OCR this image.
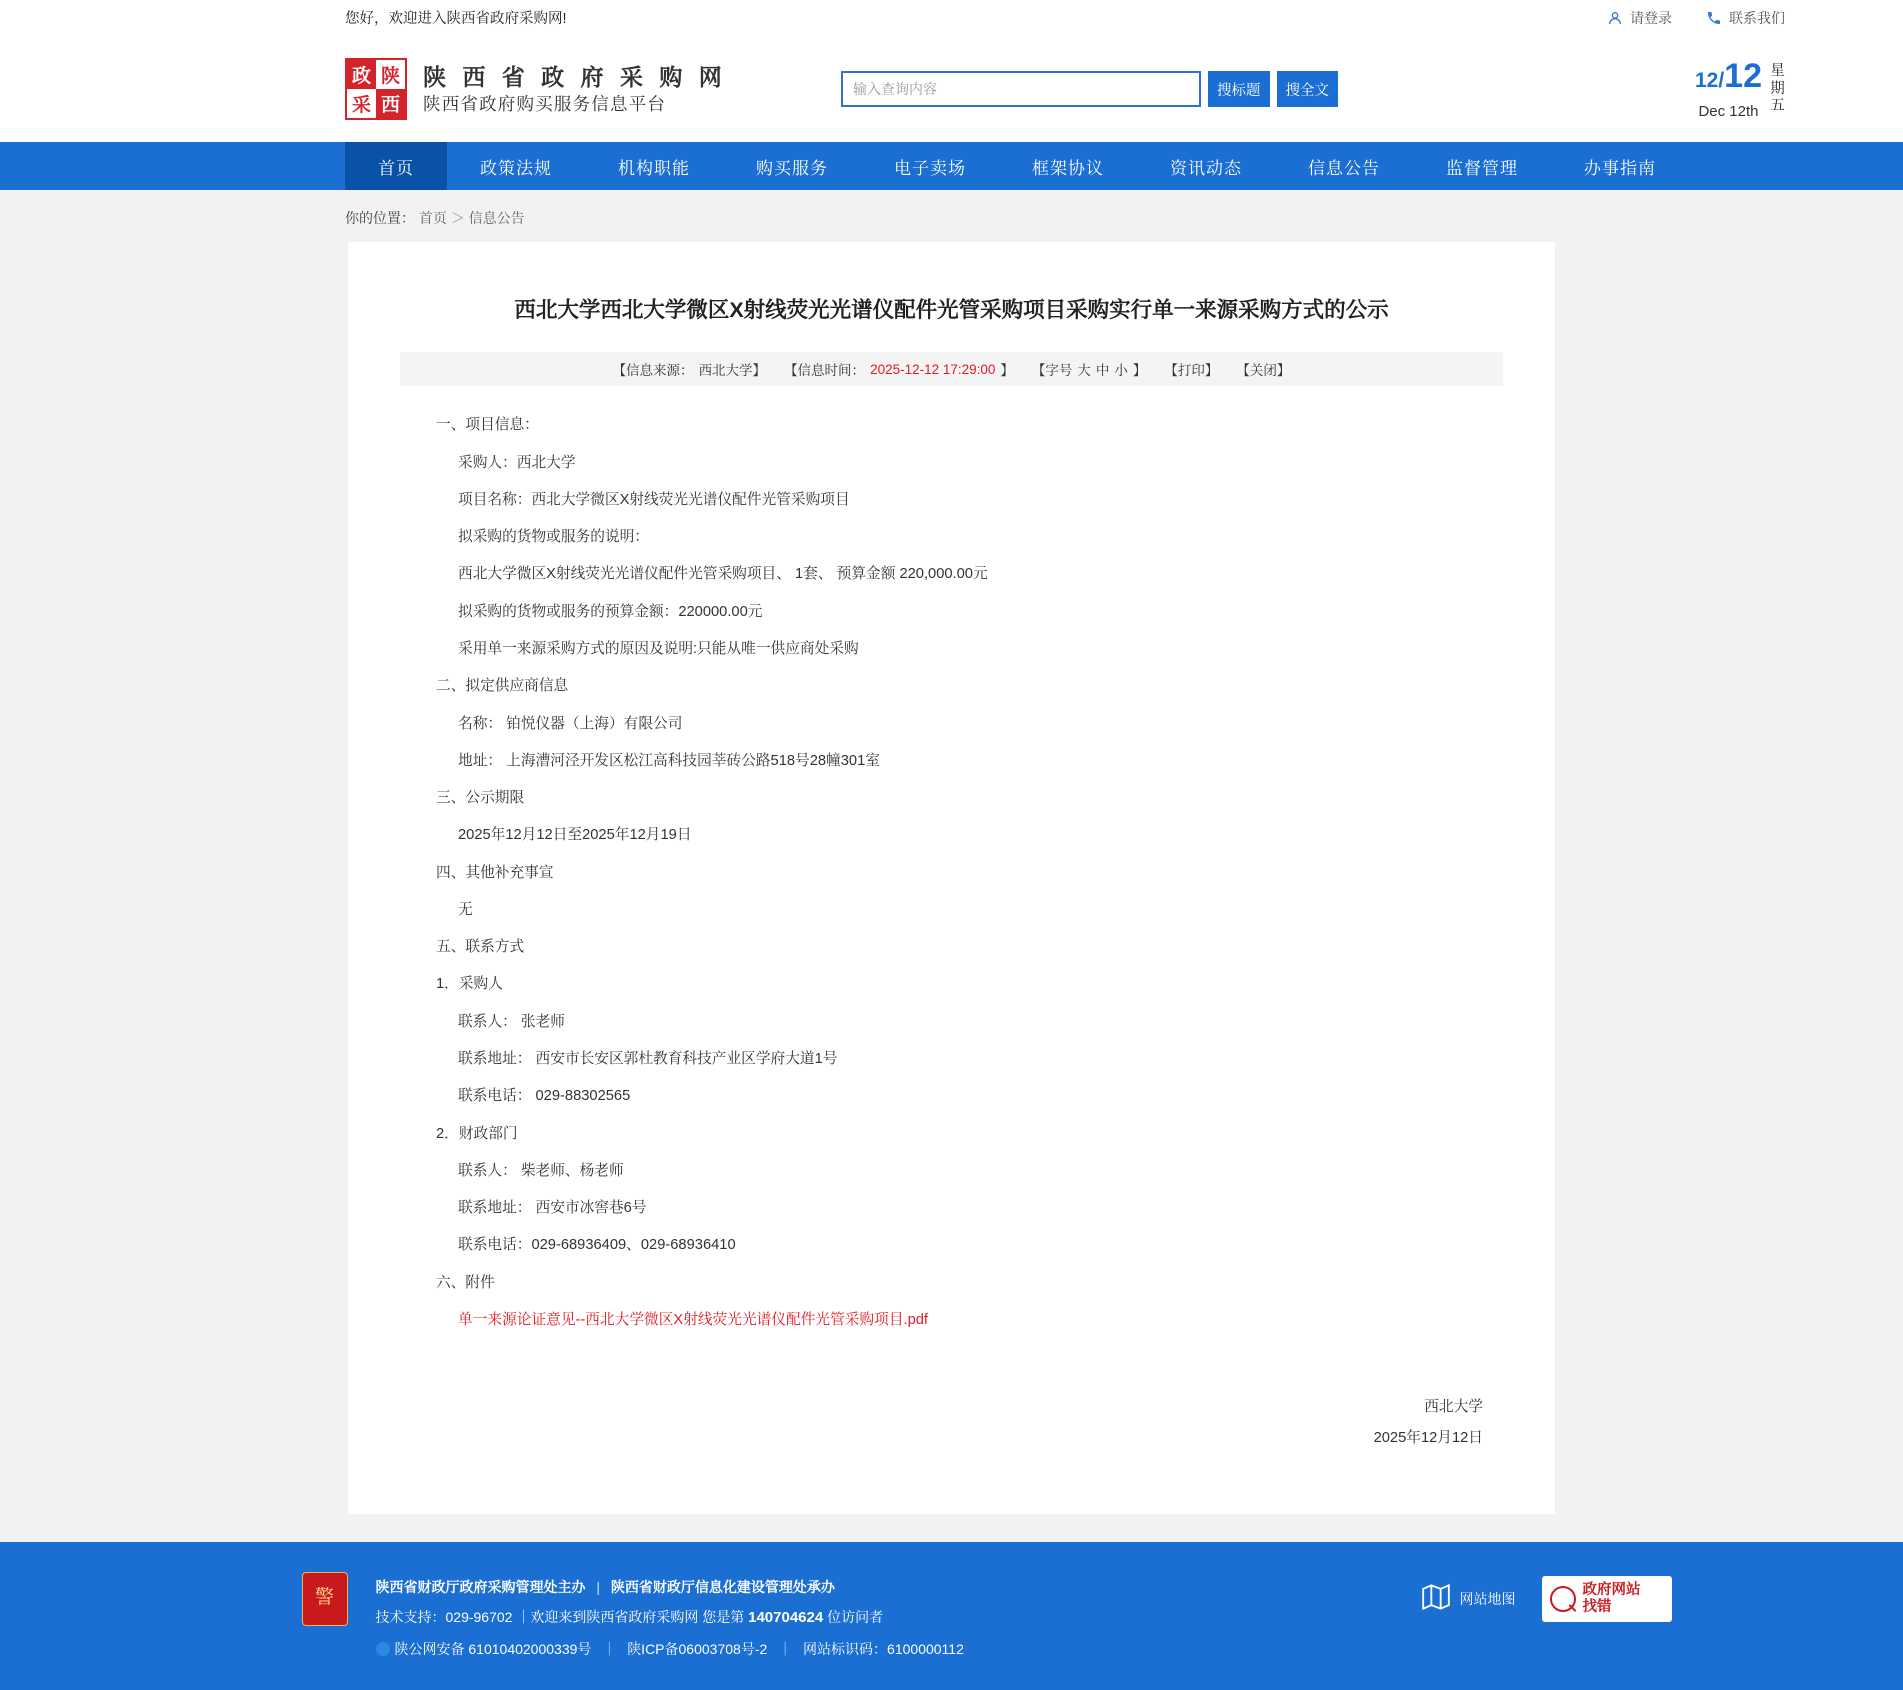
您好，欢迎进入陕西省政府采购网!	请登录	联系我们
政 陕
采 西
陕 西 省 政 府 采 购 网
陕西省政府购买服务信息平台
输入查询内容
搜标题	搜全文	12/12
Dec 12th
星期五
首页	政策法规	机构职能	购买服务	电子卖场	框架协议	资讯动态	信息公告	监督管理	办事指南
你的位置： 首页 ＞ 信息公告
西北大学西北大学微区X射线荧光光谱仪配件光管采购项目采购实行单一来源采购方式的公示
【信息来源： 西北大学】 【信息时间： 2025-12-12 17:29:00 】 【字号 大 中 小 】 【打印】 【关闭】

一、项目信息：

采购人：西北大学

项目名称：西北大学微区X射线荧光光谱仪配件光管采购项目

拟采购的货物或服务的说明：

西北大学微区X射线荧光光谱仪配件光管采购项目、 1套、 预算金额 220,000.00元

拟采购的货物或服务的预算金额：220000.00元

采用单一来源采购方式的原因及说明:只能从唯一供应商处采购

二、拟定供应商信息

名称： 铂悦仪器（上海）有限公司

地址： 上海漕河泾开发区松江高科技园莘砖公路518号28幢301室

三、公示期限

2025年12月12日至2025年12月19日

四、其他补充事宣

无

五、联系方式

1．采购人

联系人： 张老师

联系地址： 西安市长安区郭杜教育科技产业区学府大道1号

联系电话： 029-88302565

2．财政部门

联系人： 柴老师、杨老师

联系地址： 西安市冰窖巷6号

联系电话：029-68936409、029-68936410

六、附件

单一来源论证意见--西北大学微区X射线荧光光谱仪配件光管采购项目.pdf

西北大学
2025年12月12日
警
陕西省财政厅政府采购管理处主办 | 陕西省财政厅信息化建设管理处承办
技术支持：029-96702 ｜欢迎来到陕西省政府采购网 您是第 140704624 位访问者
陕公网安备 61010402000339号 ｜ 陕ICP备06003708号-2 ｜ 网站标识码：6100000112
网站地图
政府网站
找错
